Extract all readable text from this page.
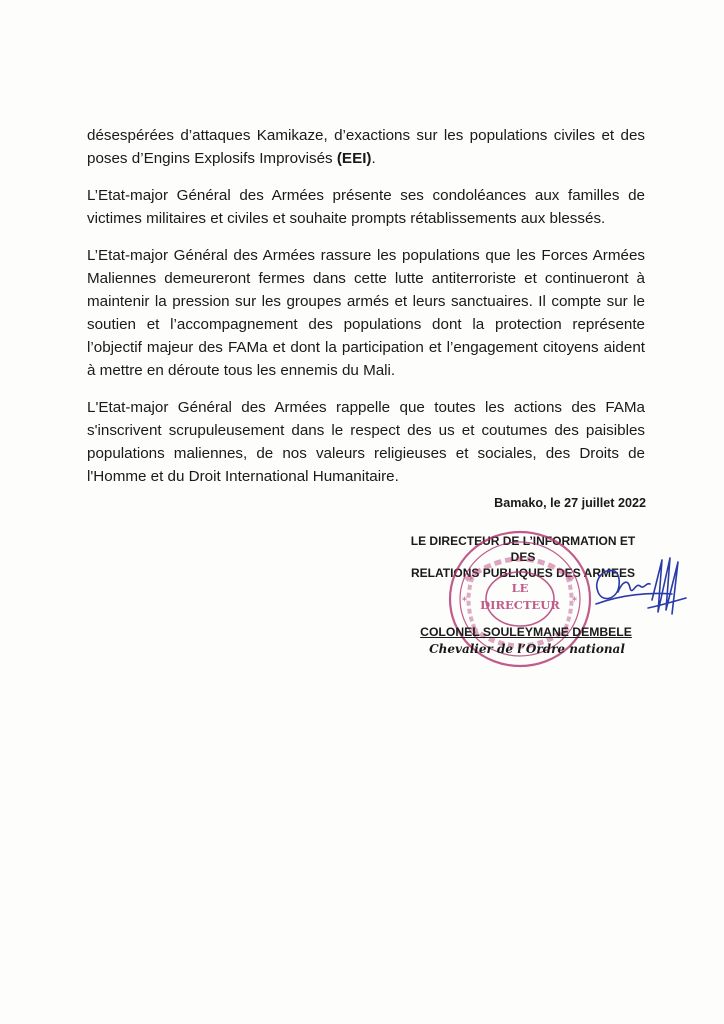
désespérées d’attaques Kamikaze, d’exactions sur les populations civiles et des poses d’Engins Explosifs Improvisés (EEI).

L’Etat-major Général des Armées présente ses condoléances aux familles de victimes militaires et civiles et souhaite prompts rétablissements aux blessés.

L’Etat-major Général des Armées rassure les populations que les Forces Armées Maliennes demeureront fermes dans cette lutte antiterroriste et continueront à maintenir la pression sur les groupes armés et leurs sanctuaires. Il compte sur le soutien et l’accompagnement des populations dont la protection représente l’objectif majeur des FAMa et dont la participation et l’engagement citoyens aident à mettre en déroute tous les ennemis du Mali.

L'Etat-major Général des Armées rappelle que toutes les actions des FAMa s'inscrivent scrupuleusement dans le respect des us et coutumes des paisibles populations maliennes, de nos valeurs religieuses et sociales, des Droits de l'Homme et du Droit International Humanitaire.

Bamako, le 27 juillet 2022
LE DIRECTEUR DE L’INFORMATION ET DES
RELATIONS PUBLIQUES DES ARMEES
*	*
LE
DIRECTEUR
COLONEL SOULEYMANE DEMBELE
Chevalier de l’Ordre national
